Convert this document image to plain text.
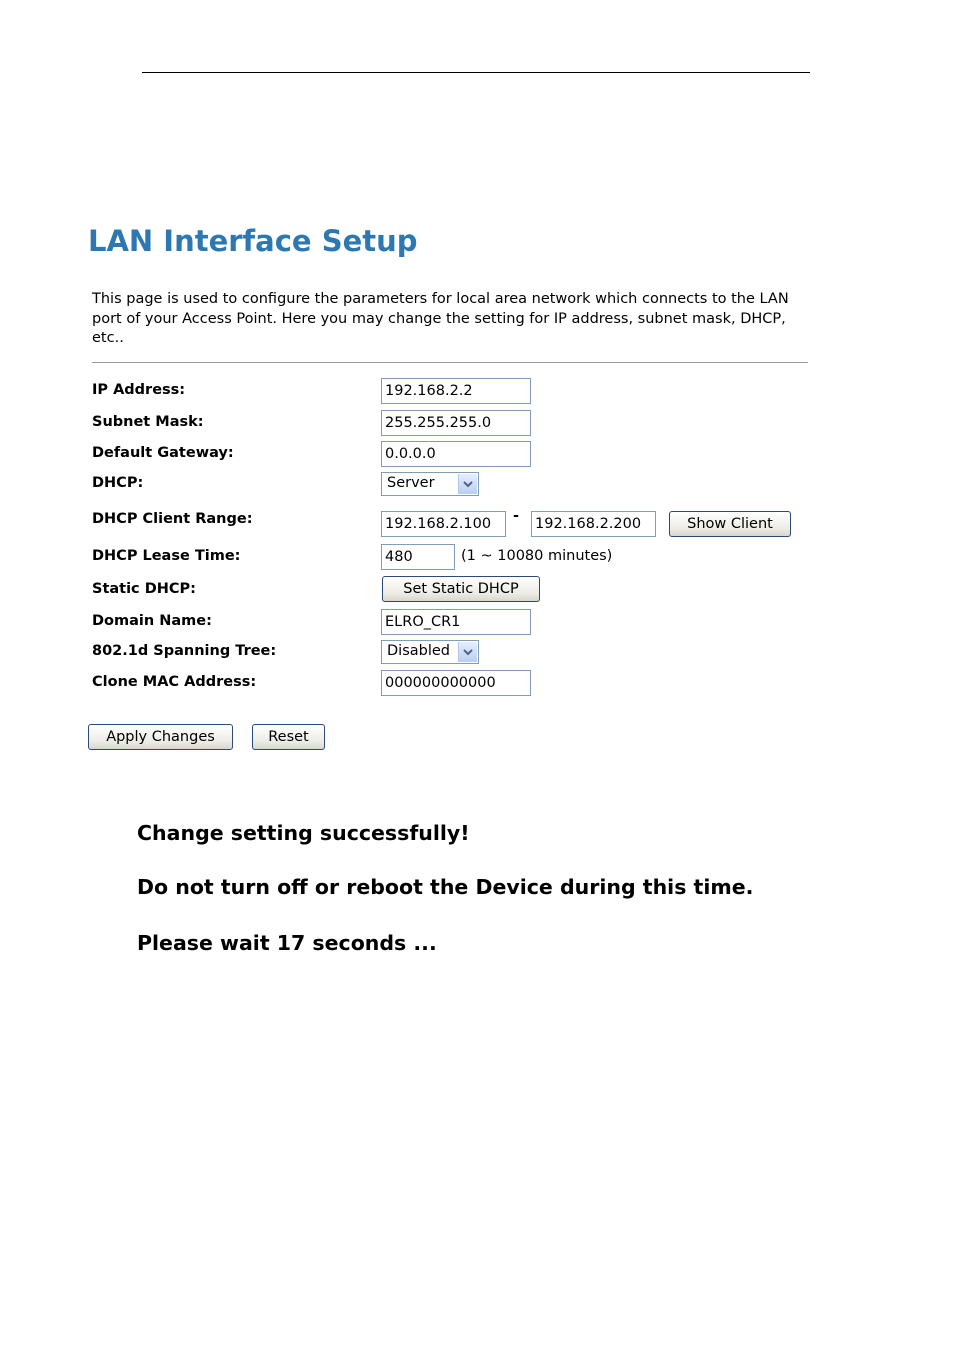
LAN Interface Setup

This page is used to configure the parameters for local area network which connects to the LAN port of your Access Point. Here you may change the setting for IP address, subnet mask, DHCP, etc..

IP Address:	192.168.2.2
Subnet Mask:	255.255.255.0
Default Gateway:	0.0.0.0
DHCP:	Server
DHCP Client Range:	192.168.2.100	- 192.168.2.200	Show Client
DHCP Lease Time:	480	(1 ~ 10080 minutes)
Static DHCP:	Set Static DHCP
Domain Name:	ELRO_CR1
802.1d Spanning Tree:	Disabled
Clone MAC Address:	000000000000
Apply Changes	Reset
Change setting successfully!
Do not turn off or reboot the Device during this time.
Please wait 17 seconds ...
